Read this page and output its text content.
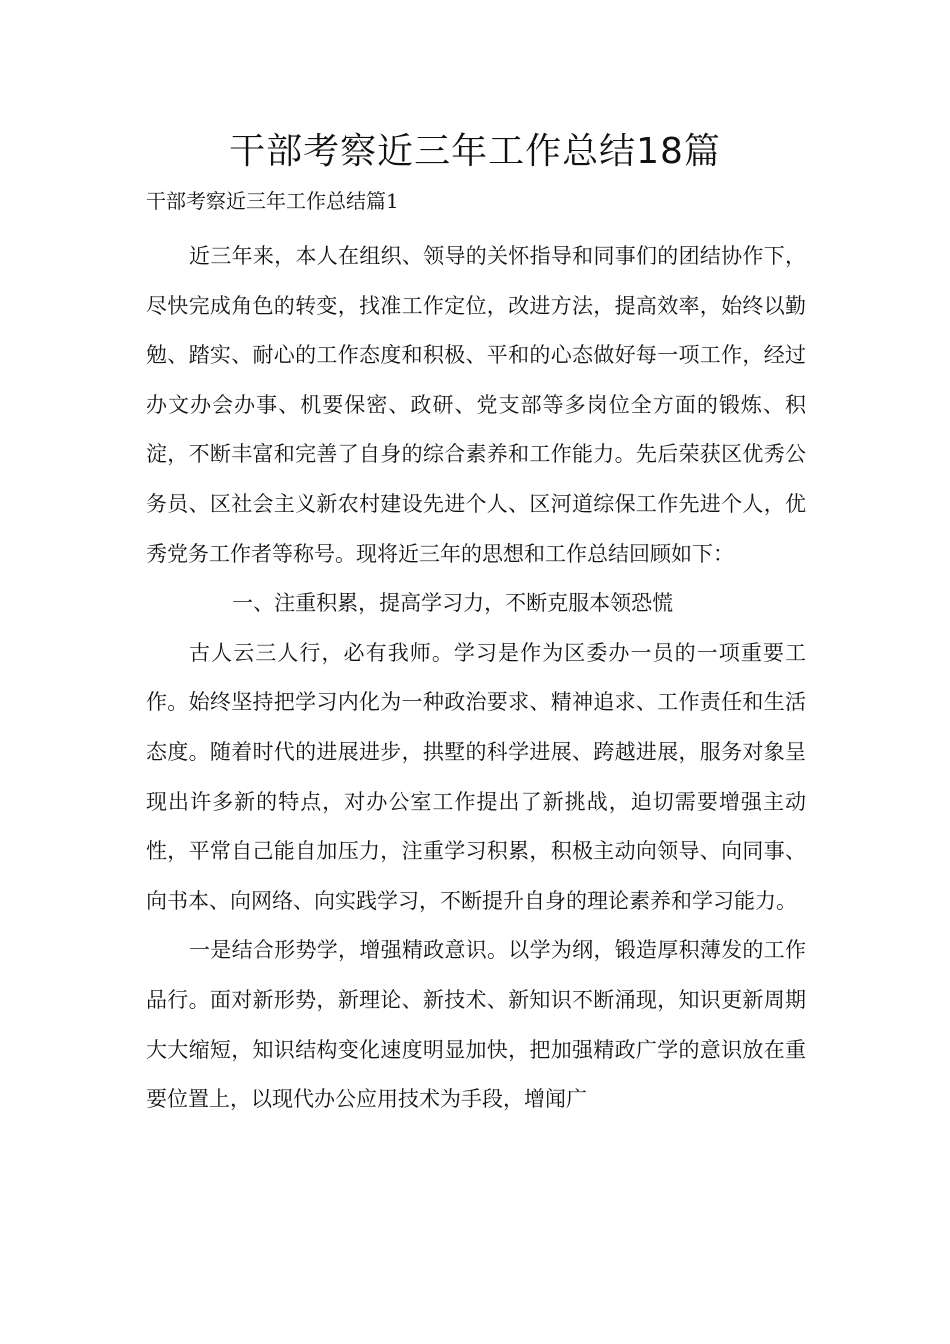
干部考察近三年工作总结18篇

干部考察近三年工作总结篇1

近三年来，本人在组织、领导的关怀指导和同事们的团结协作下，尽快完成角色的转变，找准工作定位，改进方法，提高效率，始终以勤勉、踏实、耐心的工作态度和积极、平和的心态做好每一项工作，经过办文办会办事、机要保密、政研、党支部等多岗位全方面的锻炼、积淀，不断丰富和完善了自身的综合素养和工作能力。先后荣获区优秀公务员、区社会主义新农村建设先进个人、区河道综保工作先进个人，优秀党务工作者等称号。现将近三年的思想和工作总结回顾如下：

一、注重积累，提高学习力，不断克服本领恐慌

古人云三人行，必有我师。学习是作为区委办一员的一项重要工作。始终坚持把学习内化为一种政治要求、精神追求、工作责任和生活态度。随着时代的进展进步，拱墅的科学进展、跨越进展，服务对象呈现出许多新的特点，对办公室工作提出了新挑战，迫切需要增强主动性，平常自己能自加压力，注重学习积累，积极主动向领导、向同事、向书本、向网络、向实践学习，不断提升自身的理论素养和学习能力。

一是结合形势学，增强精政意识。以学为纲，锻造厚积薄发的工作品行。面对新形势，新理论、新技术、新知识不断涌现，知识更新周期大大缩短，知识结构变化速度明显加快，把加强精政广学的意识放在重要位置上，以现代办公应用技术为手段，增闻广
